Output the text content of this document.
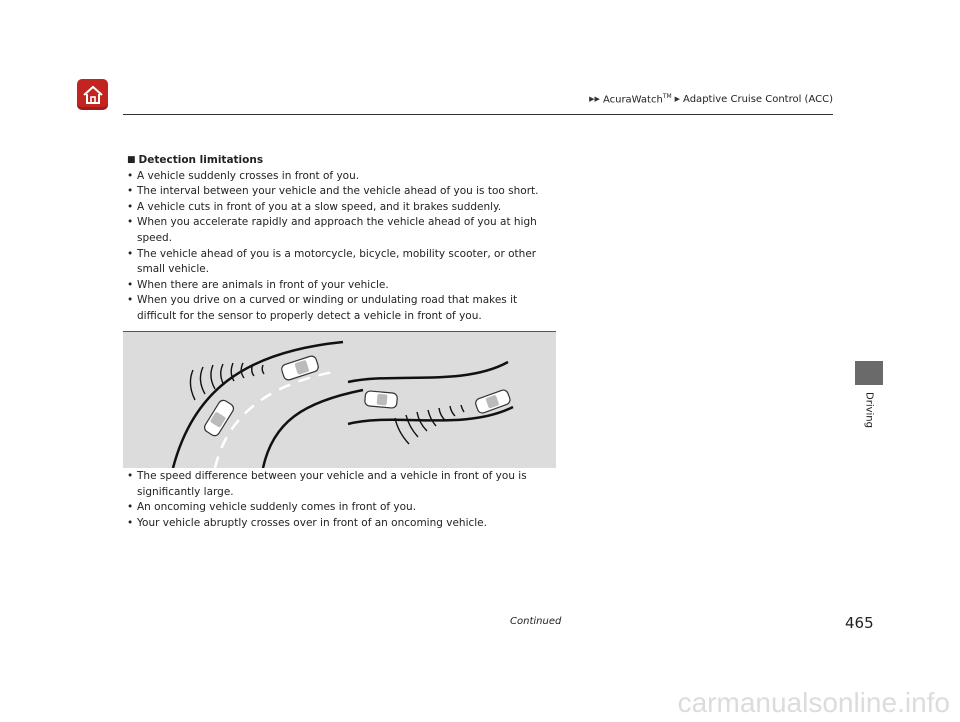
▶▶ AcuraWatch™ ▶ Adaptive Cruise Control (ACC)
Driving
■ Detection limitations
• A vehicle suddenly crosses in front of you.
• The interval between your vehicle and the vehicle ahead of you is too short.
• A vehicle cuts in front of you at a slow speed, and it brakes suddenly.
• When you accelerate rapidly and approach the vehicle ahead of you at high speed.
• The vehicle ahead of you is a motorcycle, bicycle, mobility scooter, or other small vehicle.
• When there are animals in front of your vehicle.
• When you drive on a curved or winding or undulating road that makes it difficult for the sensor to properly detect a vehicle in front of you.
• The speed difference between your vehicle and a vehicle in front of you is significantly large.
• An oncoming vehicle suddenly comes in front of you.
• Your vehicle abruptly crosses over in front of an oncoming vehicle.
Continued	465
carmanualsonline.info
